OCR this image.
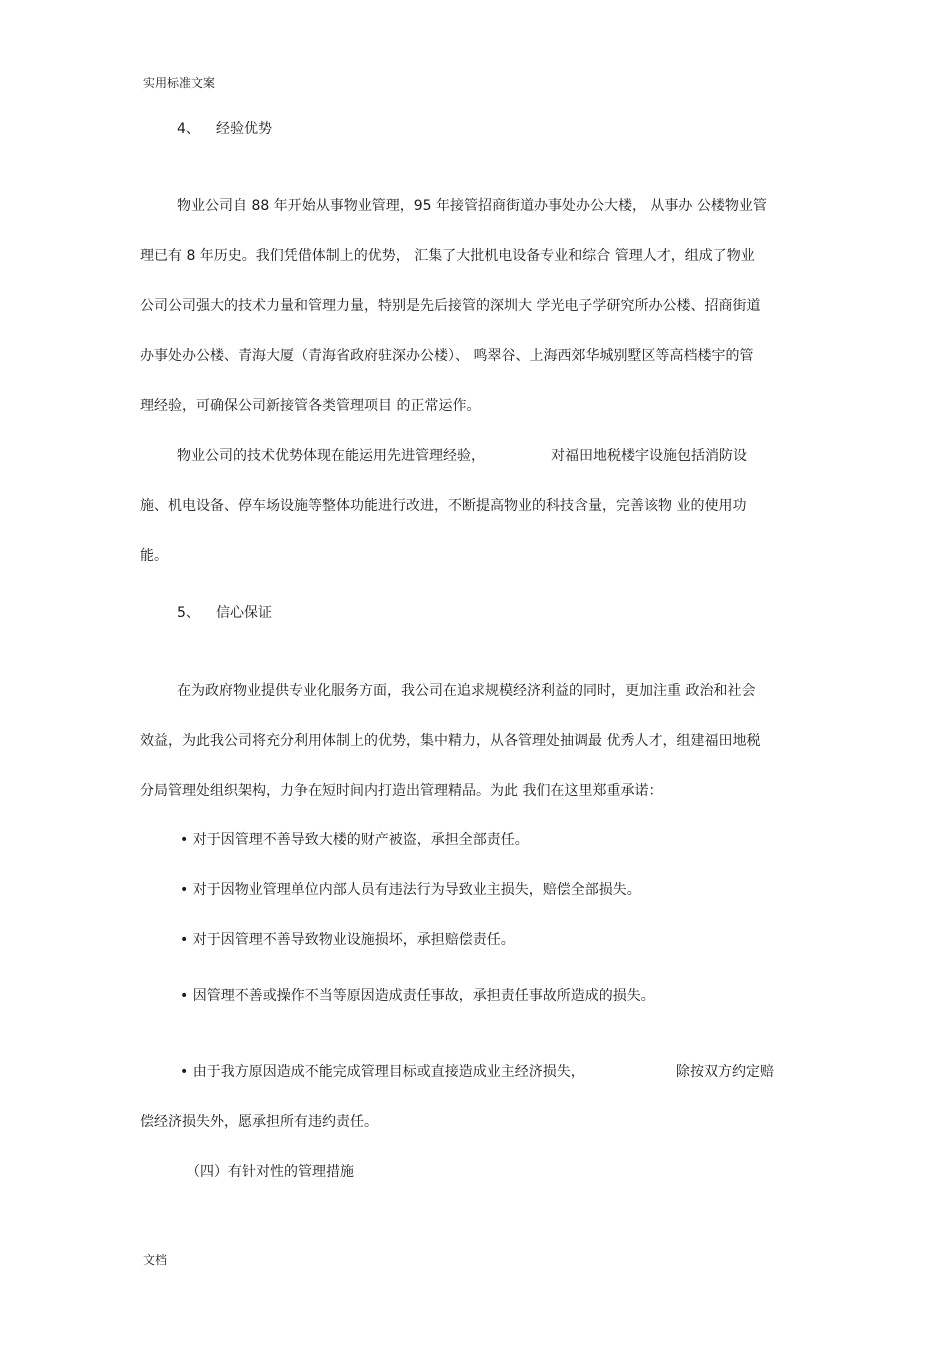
实用标准文案
4、 经验优势
物业公司自 88 年开始从事物业管理，95 年接管招商街道办事处办公大楼， 从事办 公楼物业管
理已有 8 年历史。我们凭借体制上的优势， 汇集了大批机电设备专业和综合 管理人才，组成了物业
公司公司强大的技术力量和管理力量，特别是先后接管的深圳大 学光电子学研究所办公楼、招商街道
办事处办公楼、青海大厦（青海省政府驻深办公楼）、 鸣翠谷、上海西郊华城别墅区等高档楼宇的管
理经验，可确保公司新接管各类管理项目 的正常运作。
物业公司的技术优势体现在能运用先进管理经验，	对福田地税楼宇设施包括消防设
施、机电设备、停车场设施等整体功能进行改进，不断提高物业的科技含量，完善该物 业的使用功
能。
5、 信心保证
在为政府物业提供专业化服务方面，我公司在追求规模经济利益的同时，更加注重 政治和社会
效益，为此我公司将充分利用体制上的优势，集中精力，从各管理处抽调最 优秀人才，组建福田地税
分局管理处组织架构，力争在短时间内打造出管理精品。为此 我们在这里郑重承诺：
• 对于因管理不善导致大楼的财产被盗，承担全部责任。
• 对于因物业管理单位内部人员有违法行为导致业主损失，赔偿全部损失。
• 对于因管理不善导致物业设施损坏，承担赔偿责任。
• 因管理不善或操作不当等原因造成责任事故，承担责任事故所造成的损失。
• 由于我方原因造成不能完成管理目标或直接造成业主经济损失，	除按双方约定赔
偿经济损失外，愿承担所有违约责任。
（四）有针对性的管理措施
文档
